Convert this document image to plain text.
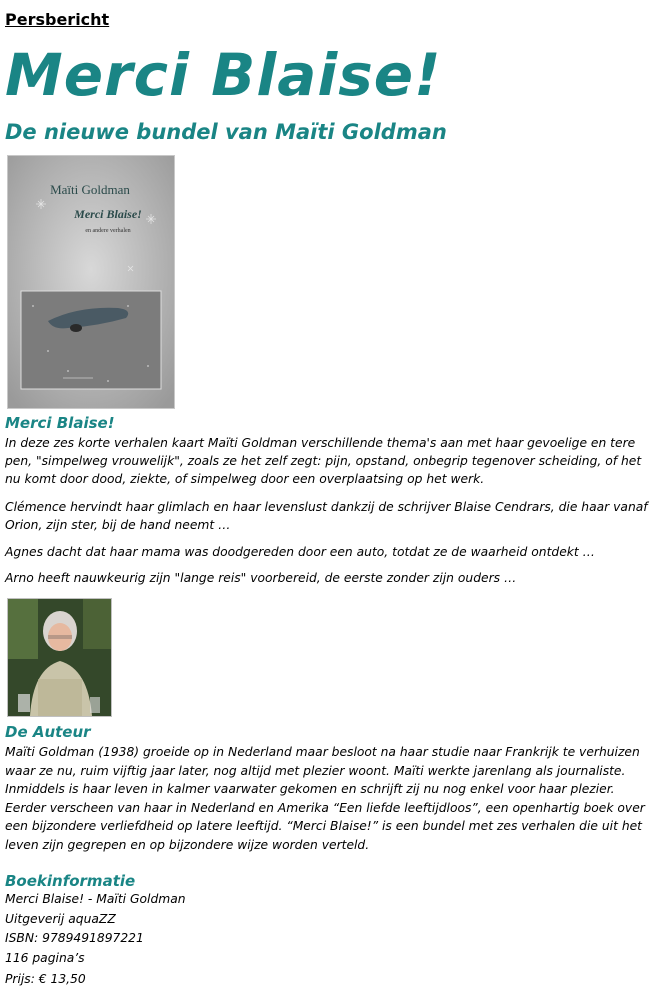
Persbericht
Merci Blaise!
De nieuwe bundel van Maïti Goldman
Maïti Goldman
Merci Blaise!
en andere verhalen
Merci Blaise!
In deze zes korte verhalen kaart Maïti Goldman verschillende thema's aan met haar gevoelige en tere pen, "simpelweg vrouwelijk", zoals ze het zelf zegt: pijn, opstand, onbegrip tegenover scheiding, of het nu komt door dood, ziekte, of simpelweg door een overplaatsing op het werk.
Clémence hervindt haar glimlach en haar levenslust dankzij de schrijver Blaise Cendrars, die haar vanaf Orion, zijn ster, bij de hand neemt …
Agnes dacht dat haar mama was doodgereden door een auto, totdat ze de waarheid ontdekt …
Arno heeft nauwkeurig zijn "lange reis" voorbereid, de eerste zonder zijn ouders …
De Auteur
Maïti Goldman (1938) groeide op in Nederland maar besloot na haar studie naar Frankrijk te verhuizen waar ze nu, ruim vijftig jaar later, nog altijd met plezier woont. Maïti werkte jarenlang als journaliste. Inmiddels is haar leven in kalmer vaarwater gekomen en schrijft zij nu nog enkel voor haar plezier. Eerder verscheen van haar in Nederland en Amerika “Een liefde leeftijdloos”, een openhartig boek over een bijzondere verliefdheid op latere leeftijd. “Merci Blaise!” is een bundel met zes verhalen die uit het leven zijn gegrepen en op bijzondere wijze worden verteld.
Boekinformatie
Merci Blaise! - Maïti Goldman
Uitgeverij aquaZZ
ISBN: 9789491897221
116 pagina’s
Prijs: € 13,50
